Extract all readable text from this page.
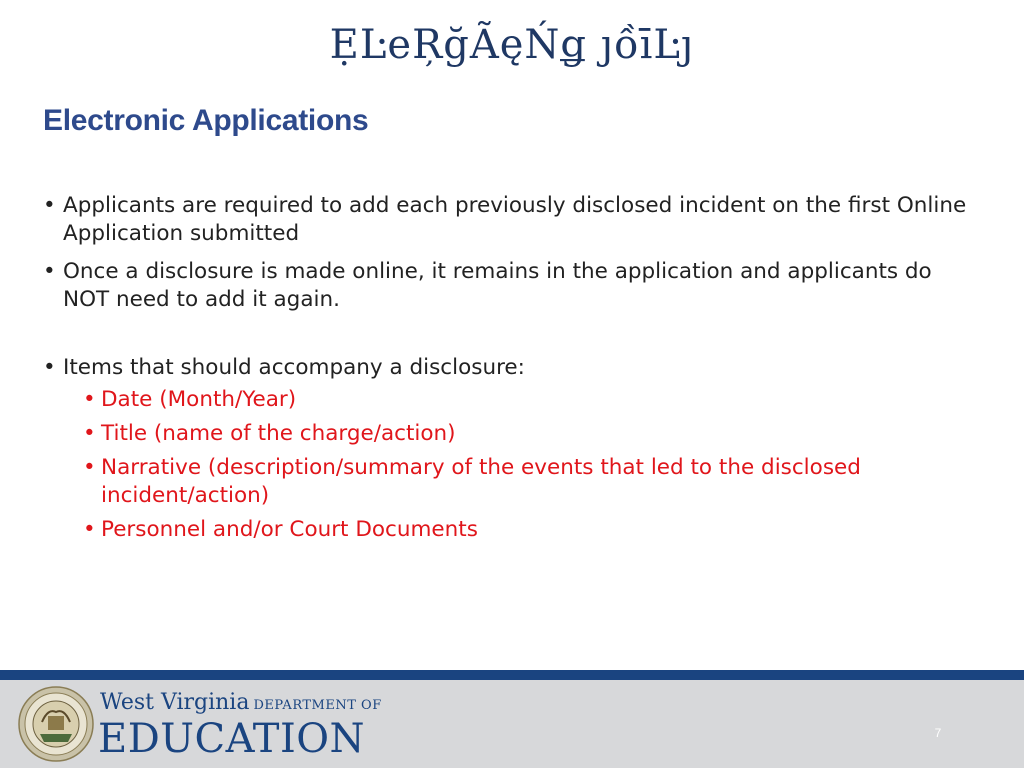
ẸĿeŖğÃęŃǥ ȷồīĿȷ
Electronic Applications
• Applicants are required to add each previously disclosed incident on the first Online Application submitted
• Once a disclosure is made online, it remains in the application and applicants do NOT need to add it again.
• Items that should accompany a disclosure:
• Date (Month/Year)
• Title (name of the charge/action)
• Narrative (description/summary of the events that led to the disclosed incident/action)
• Personnel and/or Court Documents
West Virginia DEPARTMENT OF
EDUCATION	7
